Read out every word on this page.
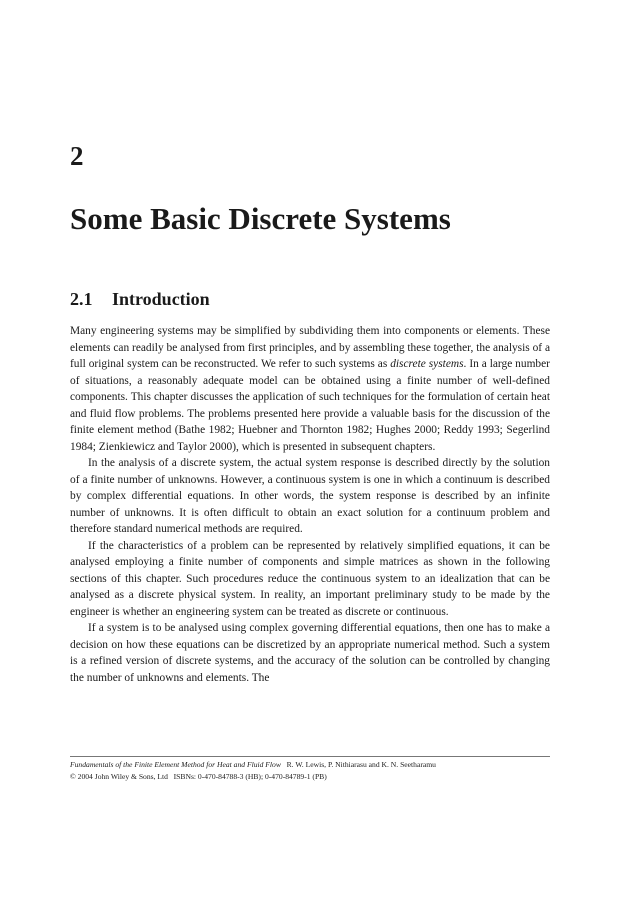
2
Some Basic Discrete Systems
2.1 Introduction

Many engineering systems may be simplified by subdividing them into components or elements. These elements can readily be analysed from first principles, and by assembling these together, the analysis of a full original system can be reconstructed. We refer to such systems as discrete systems. In a large number of situations, a reasonably adequate model can be obtained using a finite number of well-defined components. This chapter discusses the application of such techniques for the formulation of certain heat and fluid flow problems. The problems presented here provide a valuable basis for the discussion of the finite element method (Bathe 1982; Huebner and Thornton 1982; Hughes 2000; Reddy 1993; Segerlind 1984; Zienkiewicz and Taylor 2000), which is presented in subsequent chapters.

In the analysis of a discrete system, the actual system response is described directly by the solution of a finite number of unknowns. However, a continuous system is one in which a continuum is described by complex differential equations. In other words, the system response is described by an infinite number of unknowns. It is often difficult to obtain an exact solution for a continuum problem and therefore standard numerical methods are required.

If the characteristics of a problem can be represented by relatively simplified equations, it can be analysed employing a finite number of components and simple matrices as shown in the following sections of this chapter. Such procedures reduce the continuous system to an idealization that can be analysed as a discrete physical system. In reality, an important preliminary study to be made by the engineer is whether an engineering system can be treated as discrete or continuous.

If a system is to be analysed using complex governing differential equations, then one has to make a decision on how these equations can be discretized by an appropriate numerical method. Such a system is a refined version of discrete systems, and the accuracy of the solution can be controlled by changing the number of unknowns and elements. The

Fundamentals of the Finite Element Method for Heat and Fluid Flow R. W. Lewis, P. Nithiarasu and K. N. Seetharamu
© 2004 John Wiley & Sons, Ltd ISBNs: 0-470-84788-3 (HB); 0-470-84789-1 (PB)
